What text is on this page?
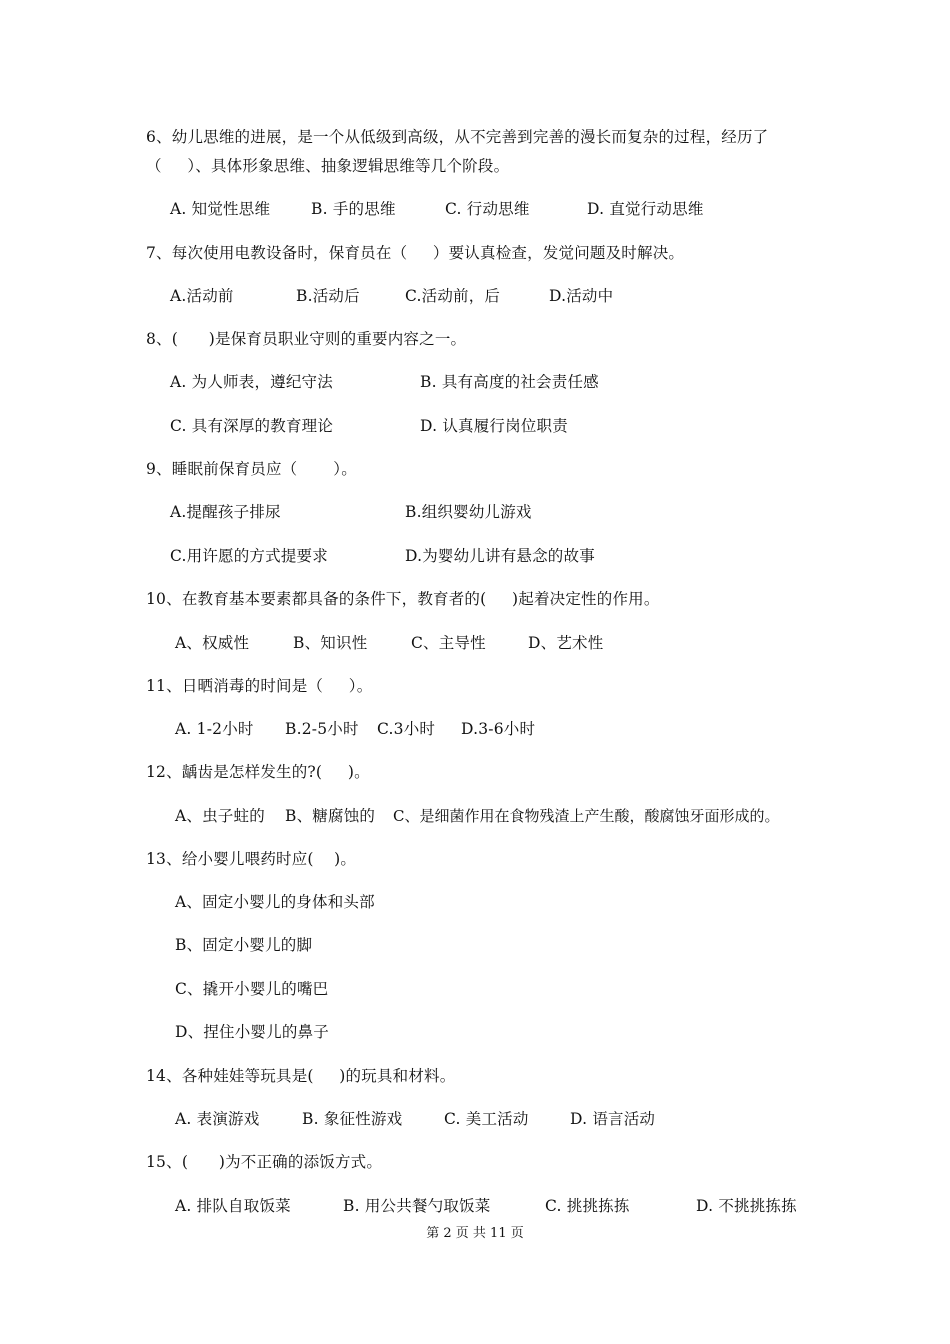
6、幼儿思维的进展，是一个从低级到高级，从不完善到完善的漫长而复杂的过程，经历了
（     ）、具体形象思维、抽象逻辑思维等几个阶段。
A. 知觉性思维	B. 手的思维	C. 行动思维	D. 直觉行动思维
7、每次使用电教设备时，保育员在（     ）要认真检查，发觉问题及时解决。
A.活动前	B.活动后	C.活动前，后	D.活动中
8、(      )是保育员职业守则的重要内容之一。
A. 为人师表，遵纪守法	B. 具有高度的社会责任感
C. 具有深厚的教育理论	D. 认真履行岗位职责
9、睡眠前保育员应（       ）。
A.提醒孩子排尿	B.组织婴幼儿游戏
C.用许愿的方式提要求	D.为婴幼儿讲有悬念的故事
10、在教育基本要素都具备的条件下，教育者的(     )起着决定性的作用。
A、权威性	B、知识性	C、主导性	D、艺术性
11、日晒消毒的时间是（     ）。
A. 1-2小时 B.2-5小时 C.3小时 D.3-6小时
12、龋齿是怎样发生的?(     )。
A、虫子蛀的 B、糖腐蚀的 C、是细菌作用在食物残渣上产生酸，酸腐蚀牙面形成的。
13、给小婴儿喂药时应(    )。
A、固定小婴儿的身体和头部
B、固定小婴儿的脚
C、撬开小婴儿的嘴巴
D、捏住小婴儿的鼻子
14、各种娃娃等玩具是(     )的玩具和材料。
A. 表演游戏	B. 象征性游戏	C. 美工活动	D. 语言活动
15、(      )为不正确的添饭方式。
A. 排队自取饭菜	B. 用公共餐勺取饭菜	C. 挑挑拣拣	D. 不挑挑拣拣
第 2 页 共 11 页
